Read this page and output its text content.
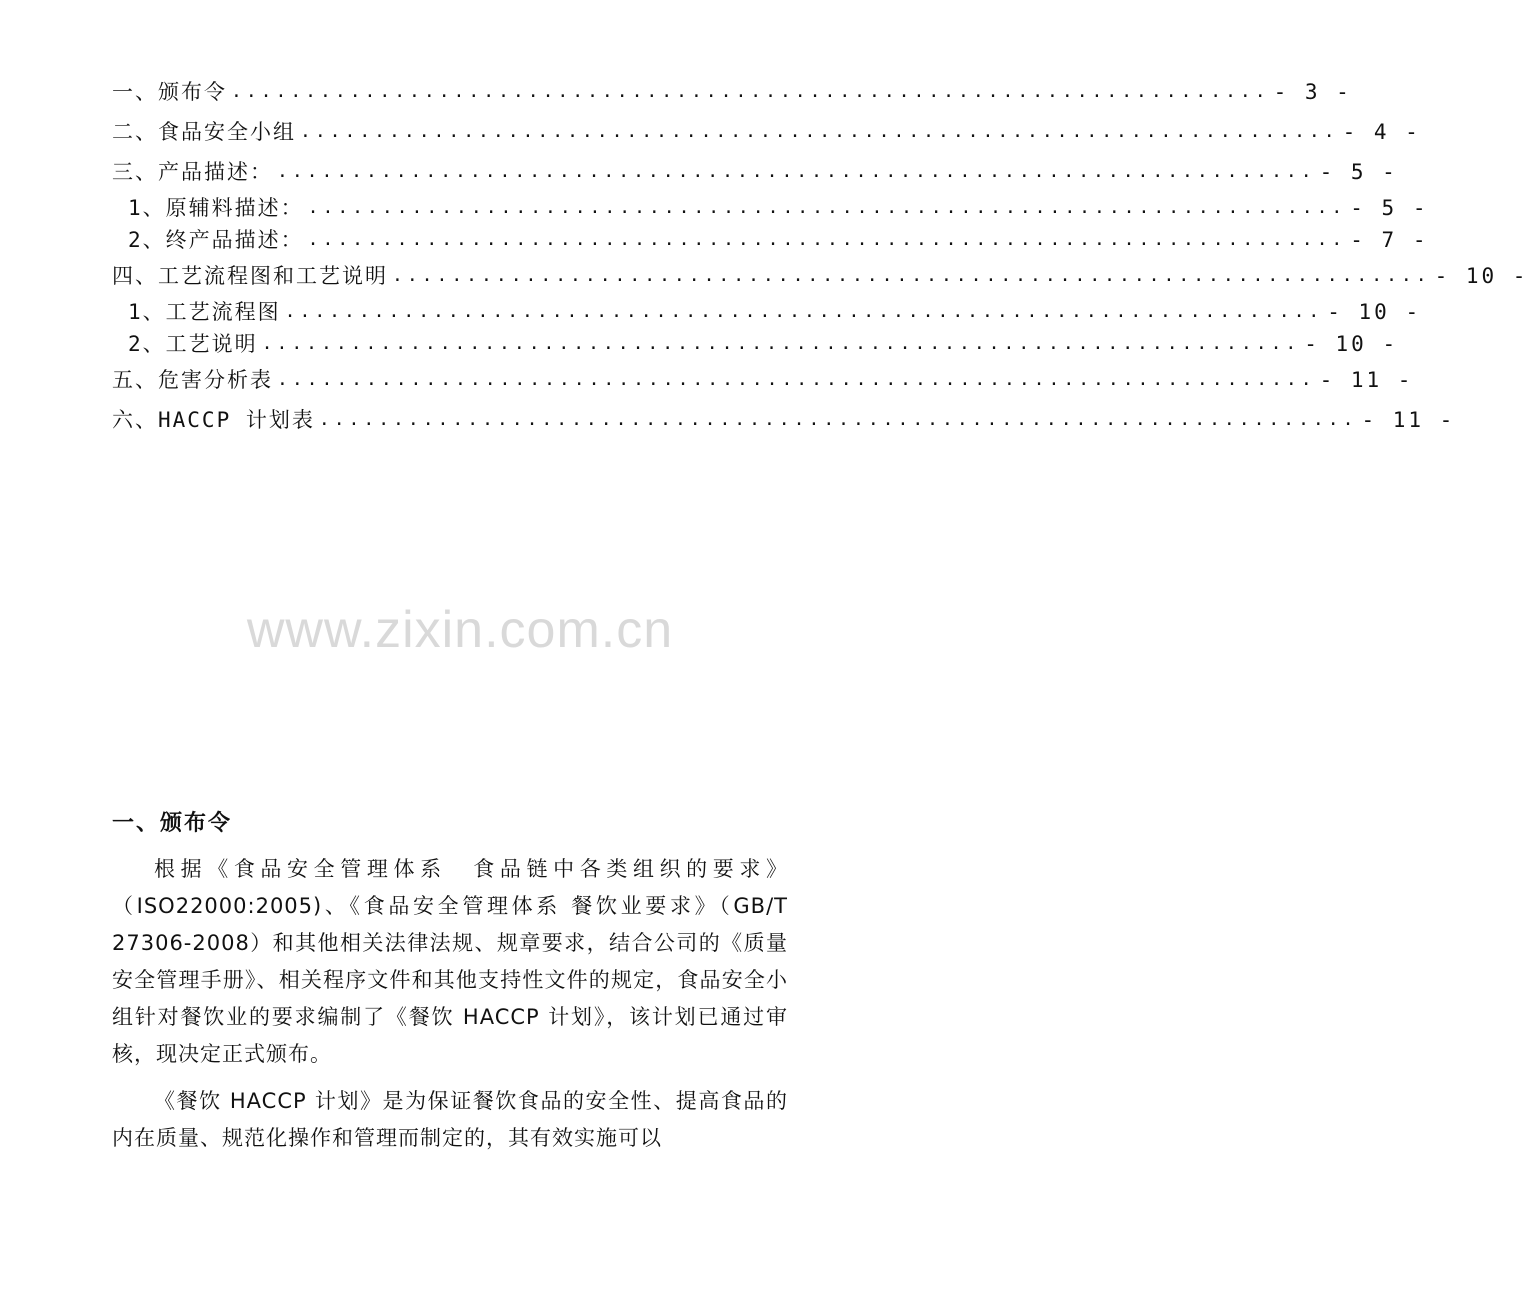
一、颁布令 ...................................................................... - 3 -
二、食品安全小组 ...................................................................... - 4 -
三、产品描述： ...................................................................... - 5 -
1、原辅料描述： ...................................................................... - 5 -
2、终产品描述： ...................................................................... - 7 -
四、工艺流程图和工艺说明 ...................................................................... - 10 -
1、工艺流程图 ...................................................................... - 10 -
2、工艺说明 ...................................................................... - 10 -
五、危害分析表 ...................................................................... - 11 -
六、HACCP 计划表 ...................................................................... - 11 -
www.zixin.com.cn
一、颁布令

根据《食品安全管理体系　食品链中各类组织的要求》（ISO22000:2005)、《食品安全管理体系 餐饮业要求》（GB/T 27306-2008）和其他相关法律法规、规章要求，结合公司的《质量安全管理手册》、相关程序文件和其他支持性文件的规定，食品安全小组针对餐饮业的要求编制了《餐饮 HACCP 计划》，该计划已通过审核，现决定正式颁布。

《餐饮 HACCP 计划》是为保证餐饮食品的安全性、提高食品的内在质量、规范化操作和管理而制定的，其有效实施可以
